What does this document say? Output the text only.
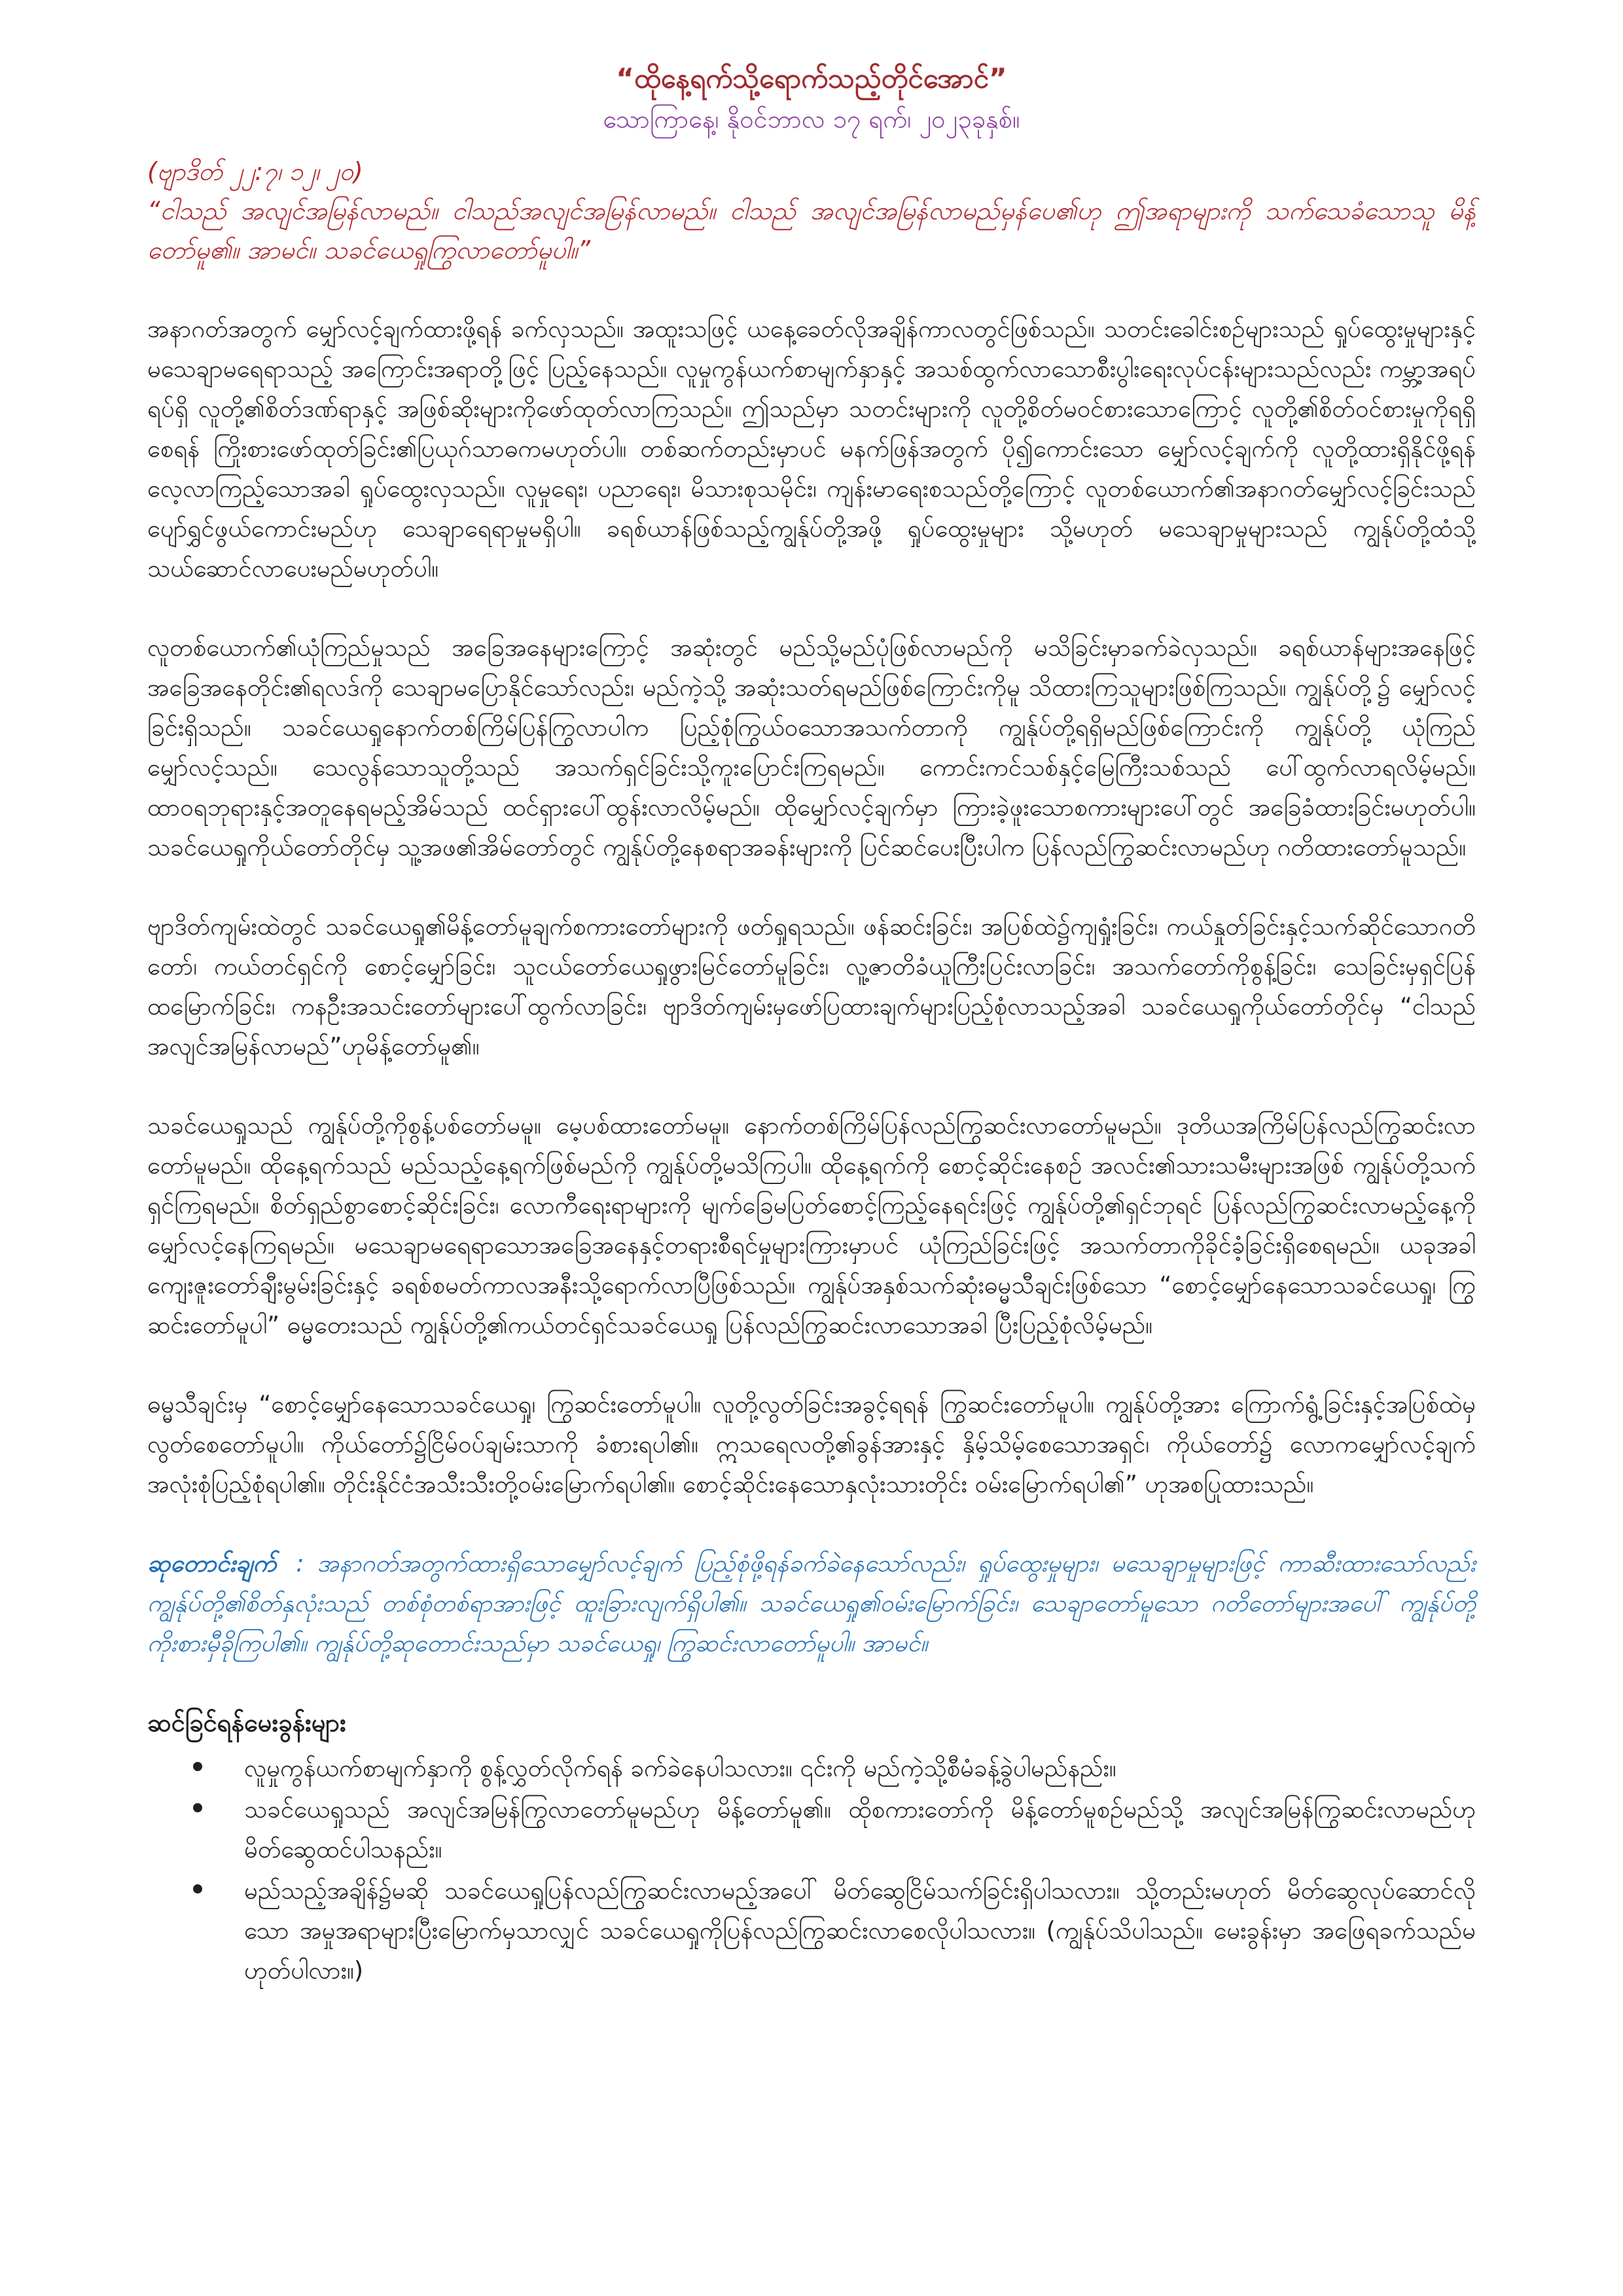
“ထိုနေ့ရက်သို့ရောက်သည့်တိုင်အောင်”

သောကြာနေ့၊ နိုဝင်ဘာလ ၁၇ ရက်၊ ၂၀၂၃ခုနှစ်။

(ဗျာဒိတ် ၂၂:၇၊ ၁၂၊ ၂၀)

“ငါသည် အလျင်အမြန်လာမည်။ ငါသည်အလျင်အမြန်လာမည်။ ငါသည် အလျင်အမြန်လာမည်မှန်ပေ၏ဟု ဤအရာများကို သက်သေခံသောသူ မိန့်တော်မူ၏။ အာမင်။ သခင်ယေရှုကြွလာတော်မူပါ။”

အနာဂတ်အတွက် မျှော်လင့်ချက်ထားဖို့ရန် ခက်လှသည်။ အထူးသဖြင့် ယနေ့ခေတ်လိုအချိန်ကာလတွင်ဖြစ်သည်။ သတင်းခေါင်းစဉ်များသည် ရှုပ်ထွေးမှုများနှင့်မသေချာမရေရာသည့် အကြောင်းအရာတို့ဖြင့် ပြည့်နေသည်။ လူမှုကွန်ယက်စာမျက်နှာနှင့် အသစ်ထွက်လာသောစီးပွါးရေးလုပ်ငန်းများသည်လည်း ကမ္ဘာ့အရပ်ရပ်ရှိ လူတို့၏စိတ်ဒဏ်ရာနှင့် အဖြစ်ဆိုးများကိုဖော်ထုတ်လာကြသည်။ ဤသည်မှာ သတင်းများကို လူတို့စိတ်မဝင်စားသောကြောင့် လူတို့၏စိတ်ဝင်စားမှုကိုရရှိစေရန် ကြိုးစားဖော်ထုတ်ခြင်း၏ပြယုဂ်သာဓကမဟုတ်ပါ။ တစ်ဆက်တည်းမှာပင် မနက်ဖြန်အတွက် ပို၍ကောင်းသော မျှော်လင့်ချက်ကို လူတို့ထားရှိနိုင်ဖို့ရန် လေ့လာကြည့်သောအခါ ရှုပ်ထွေးလှသည်။ လူမှုရေး၊ ပညာရေး၊ မိသားစုသမိုင်း၊ ကျန်းမာရေးစသည်တို့ကြောင့် လူတစ်ယောက်၏အနာဂတ်မျှော်လင့်ခြင်းသည် ပျော်ရွှင်ဖွယ်ကောင်းမည်ဟု သေချာရေရာမှုမရှိပါ။ ခရစ်ယာန်ဖြစ်သည့်ကျွန်ုပ်တို့အဖို့ ရှုပ်ထွေးမှုများ သို့မဟုတ် မသေချာမှုများသည် ကျွန်ုပ်တို့ထံသို့ သယ်ဆောင်လာပေးမည်မဟုတ်ပါ။

လူတစ်ယောက်၏ယုံကြည်မှုသည် အခြေအနေများကြောင့် အဆုံးတွင် မည်သို့မည်ပုံဖြစ်လာမည်ကို မသိခြင်းမှာခက်ခဲလှသည်။ ခရစ်ယာန်များအနေဖြင့် အခြေအနေတိုင်း၏ရလဒ်ကို သေချာမပြောနိုင်သော်လည်း၊ မည်ကဲ့သို့ အဆုံးသတ်ရမည်ဖြစ်ကြောင်းကိုမူ သိထားကြသူများဖြစ်ကြသည်။ ကျွန်ုပ်တို့၌ မျှော်လင့်ခြင်းရှိသည်။ သခင်ယေရှုနောက်တစ်ကြိမ်ပြန်ကြွလာပါက ပြည့်စုံကြွယ်ဝသောအသက်တာကို ကျွန်ုပ်တို့ရရှိမည်ဖြစ်ကြောင်းကို ကျွန်ုပ်တို့ ယုံကြည်မျှော်လင့်သည်။ သေလွန်သောသူတို့သည် အသက်ရှင်ခြင်းသို့ကူးပြောင်းကြရမည်။ ကောင်းကင်သစ်နှင့်မြေကြီးသစ်သည် ပေါ်ထွက်လာရလိမ့်မည်။ ထာဝရဘုရားနှင့်အတူနေရမည့်အိမ်သည် ထင်ရှားပေါ်ထွန်းလာလိမ့်မည်။ ထိုမျှော်လင့်ချက်မှာ ကြားခဲ့ဖူးသောစကားများပေါ်တွင် အခြေခံထားခြင်းမဟုတ်ပါ။ သခင်ယေရှုကိုယ်တော်တိုင်မှ သူ့အဖ၏အိမ်တော်တွင် ကျွန်ုပ်တို့နေစရာအခန်းများကို ပြင်ဆင်ပေးပြီးပါက ပြန်လည်ကြွဆင်းလာမည်ဟု ဂတိထားတော်မူသည်။

ဗျာဒိတ်ကျမ်းထဲတွင် သခင်ယေရှု၏မိန့်တော်မူချက်စကားတော်များကို ဖတ်ရှုရသည်။ ဖန်ဆင်းခြင်း၊ အပြစ်ထဲ၌ကျရှုံးခြင်း၊ ကယ်နှုတ်ခြင်းနှင့်သက်ဆိုင်သောဂတိတော်၊ ကယ်တင်ရှင်ကို စောင့်မျှော်ခြင်း၊ သူငယ်တော်ယေရှုဖွားမြင်တော်မူခြင်း၊ လူ့ဇာတိခံယူကြီးပြင်းလာခြင်း၊ အသက်တော်ကိုစွန့်ခြင်း၊ သေခြင်းမှရှင်ပြန်ထမြောက်ခြင်း၊ ကနဦးအသင်းတော်များပေါ်ထွက်လာခြင်း၊ ဗျာဒိတ်ကျမ်းမှဖော်ပြထားချက်များပြည့်စုံလာသည့်အခါ သခင်ယေရှုကိုယ်တော်တိုင်မှ “ငါသည် အလျင်အမြန်လာမည်”ဟုမိန့်တော်မူ၏။

သခင်ယေရှုသည် ကျွန်ုပ်တို့ကိုစွန့်ပစ်တော်မမူ။ မေ့ပစ်ထားတော်မမူ။ နောက်တစ်ကြိမ်ပြန်လည်ကြွဆင်းလာတော်မူမည်။ ဒုတိယအကြိမ်ပြန်လည်ကြွဆင်းလာတော်မူမည်။ ထိုနေ့ရက်သည် မည်သည့်နေ့ရက်ဖြစ်မည်ကို ကျွန်ုပ်တို့မသိကြပါ။ ထိုနေ့ရက်ကို စောင့်ဆိုင်းနေစဉ် အလင်း၏သားသမီးများအဖြစ် ကျွန်ုပ်တို့သက်ရှင်ကြရမည်။ စိတ်ရှည်စွာစောင့်ဆိုင်းခြင်း၊ လောကီရေးရာများကို မျက်ခြေမပြတ်စောင့်ကြည့်နေရင်းဖြင့် ကျွန်ုပ်တို့၏ရှင်ဘုရင် ပြန်လည်ကြွဆင်းလာမည့်နေ့ကိုမျှော်လင့်နေကြရမည်။ မသေချာမရေရာသောအခြေအနေနှင့်တရားစီရင်မှုများကြားမှာပင် ယုံကြည်ခြင်းဖြင့် အသက်တာကိုခိုင်ခံ့ခြင်းရှိစေရမည်။ ယခုအခါ ကျေးဇူးတော်ချီးမွမ်းခြင်းနှင့် ခရစ်စမတ်ကာလအနီးသို့ရောက်လာပြီဖြစ်သည်။ ကျွန်ုပ်အနှစ်သက်ဆုံးဓမ္မသီချင်းဖြစ်သော “စောင့်မျှော်နေသောသခင်ယေရှု၊ ကြွဆင်းတော်မူပါ” ဓမ္မတေးသည် ကျွန်ုပ်တို့၏ကယ်တင်ရှင်သခင်ယေရှု ပြန်လည်ကြွဆင်းလာသောအခါ ပြီးပြည့်စုံလိမ့်မည်။

ဓမ္မသီချင်းမှ “စောင့်မျှော်နေသောသခင်ယေရှု၊ ကြွဆင်းတော်မူပါ။ လူတို့လွတ်ခြင်းအခွင့်ရရန် ကြွဆင်းတော်မူပါ။ ကျွန်ုပ်တို့အား ကြောက်ရွံ့ခြင်းနှင့်အပြစ်ထဲမှ လွတ်စေတော်မူပါ။ ကိုယ်တော်၌ငြိမ်ဝပ်ချမ်းသာကို ခံစားရပါ၏။ ဣသရေလတို့၏ခွန်အားနှင့် နှိမ့်သိမ့်စေသောအရှင်၊ ကိုယ်တော်၌ လောကမျှော်လင့်ချက်အလုံးစုံပြည့်စုံရပါ၏။ တိုင်းနိုင်ငံအသီးသီးတို့ဝမ်းမြောက်ရပါ၏။ စောင့်ဆိုင်းနေသောနှလုံးသားတိုင်း ဝမ်းမြောက်ရပါ၏” ဟုအစပြုထားသည်။

ဆုတောင်းချက် : အနာဂတ်အတွက်ထားရှိသောမျှော်လင့်ချက် ပြည့်စုံဖို့ရန်ခက်ခဲနေသော်လည်း၊ ရှုပ်ထွေးမှုများ၊ မသေချာမှုများဖြင့် ကာဆီးထားသော်လည်း ကျွန်ုပ်တို့၏စိတ်နှလုံးသည် တစ်စုံတစ်ရာအားဖြင့် ထူးခြားလျက်ရှိပါ၏။ သခင်ယေရှု၏ဝမ်းမြောက်ခြင်း၊ သေချာတော်မူသော ဂတိတော်များအပေါ် ကျွန်ုပ်တို့ကိုးစားမှီခိုကြပါ၏။ ကျွန်ုပ်တို့ဆုတောင်းသည်မှာ သခင်ယေရှု၊ ကြွဆင်းလာတော်မူပါ။ အာမင်။

ဆင်ခြင်ရန်မေးခွန်းများ
လူမှုကွန်ယက်စာမျက်နှာကို စွန့်လွှတ်လိုက်ရန် ခက်ခဲနေပါသလား။ ၎င်းကို မည်ကဲ့သို့စီမံခန့်ခွဲပါမည်နည်း။
သခင်ယေရှုသည် အလျင်အမြန်ကြွလာတော်မူမည်ဟု မိန့်တော်မူ၏။ ထိုစကားတော်ကို မိန့်တော်မူစဉ်မည်သို့ အလျင်အမြန်ကြွဆင်းလာမည်ဟု မိတ်ဆွေထင်ပါသနည်း။
မည်သည့်အချိန်၌မဆို သခင်ယေရှုပြန်လည်ကြွဆင်းလာမည့်အပေါ် မိတ်ဆွေငြိမ်သက်ခြင်းရှိပါသလား။ သို့တည်းမဟုတ် မိတ်ဆွေလုပ်ဆောင်လိုသော အမှုအရာများပြီးမြောက်မှသာလျှင် သခင်ယေရှုကိုပြန်လည်ကြွဆင်းလာစေလိုပါသလား။ (ကျွန်ုပ်သိပါသည်။ မေးခွန်းမှာ အဖြေရခက်သည်မဟုတ်ပါလား။)
